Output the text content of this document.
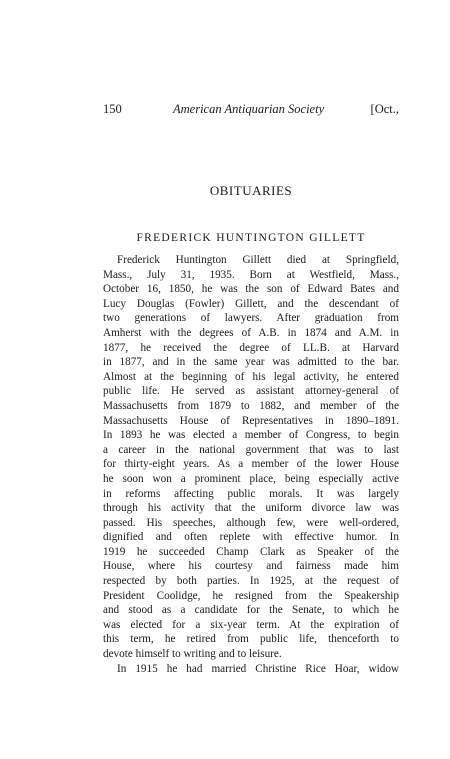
150	American Antiquarian Society	[Oct.,
OBITUARIES
FREDERICK HUNTINGTON GILLETT
Frederick Huntington Gillett died at Springfield,
Mass., July 31, 1935. Born at Westfield, Mass.,
October 16, 1850, he was the son of Edward Bates and
Lucy Douglas (Fowler) Gillett, and the descendant of
two generations of lawyers. After graduation from
Amherst with the degrees of A.B. in 1874 and A.M. in
1877, he received the degree of LL.B. at Harvard
in 1877, and in the same year was admitted to the bar.
Almost at the beginning of his legal activity, he entered
public life. He served as assistant attorney-general of
Massachusetts from 1879 to 1882, and member of the
Massachusetts House of Representatives in 1890–1891.
In 1893 he was elected a member of Congress, to begin
a career in the national government that was to last
for thirty-eight years. As a member of the lower House
he soon won a prominent place, being especially active
in reforms affecting public morals. It was largely
through his activity that the uniform divorce law was
passed. His speeches, although few, were well-ordered,
dignified and often replete with effective humor. In
1919 he succeeded Champ Clark as Speaker of the
House, where his courtesy and fairness made him
respected by both parties. In 1925, at the request of
President Coolidge, he resigned from the Speakership
and stood as a candidate for the Senate, to which he
was elected for a six-year term. At the expiration of
this term, he retired from public life, thenceforth to
devote himself to writing and to leisure.
In 1915 he had married Christine Rice Hoar, widow
